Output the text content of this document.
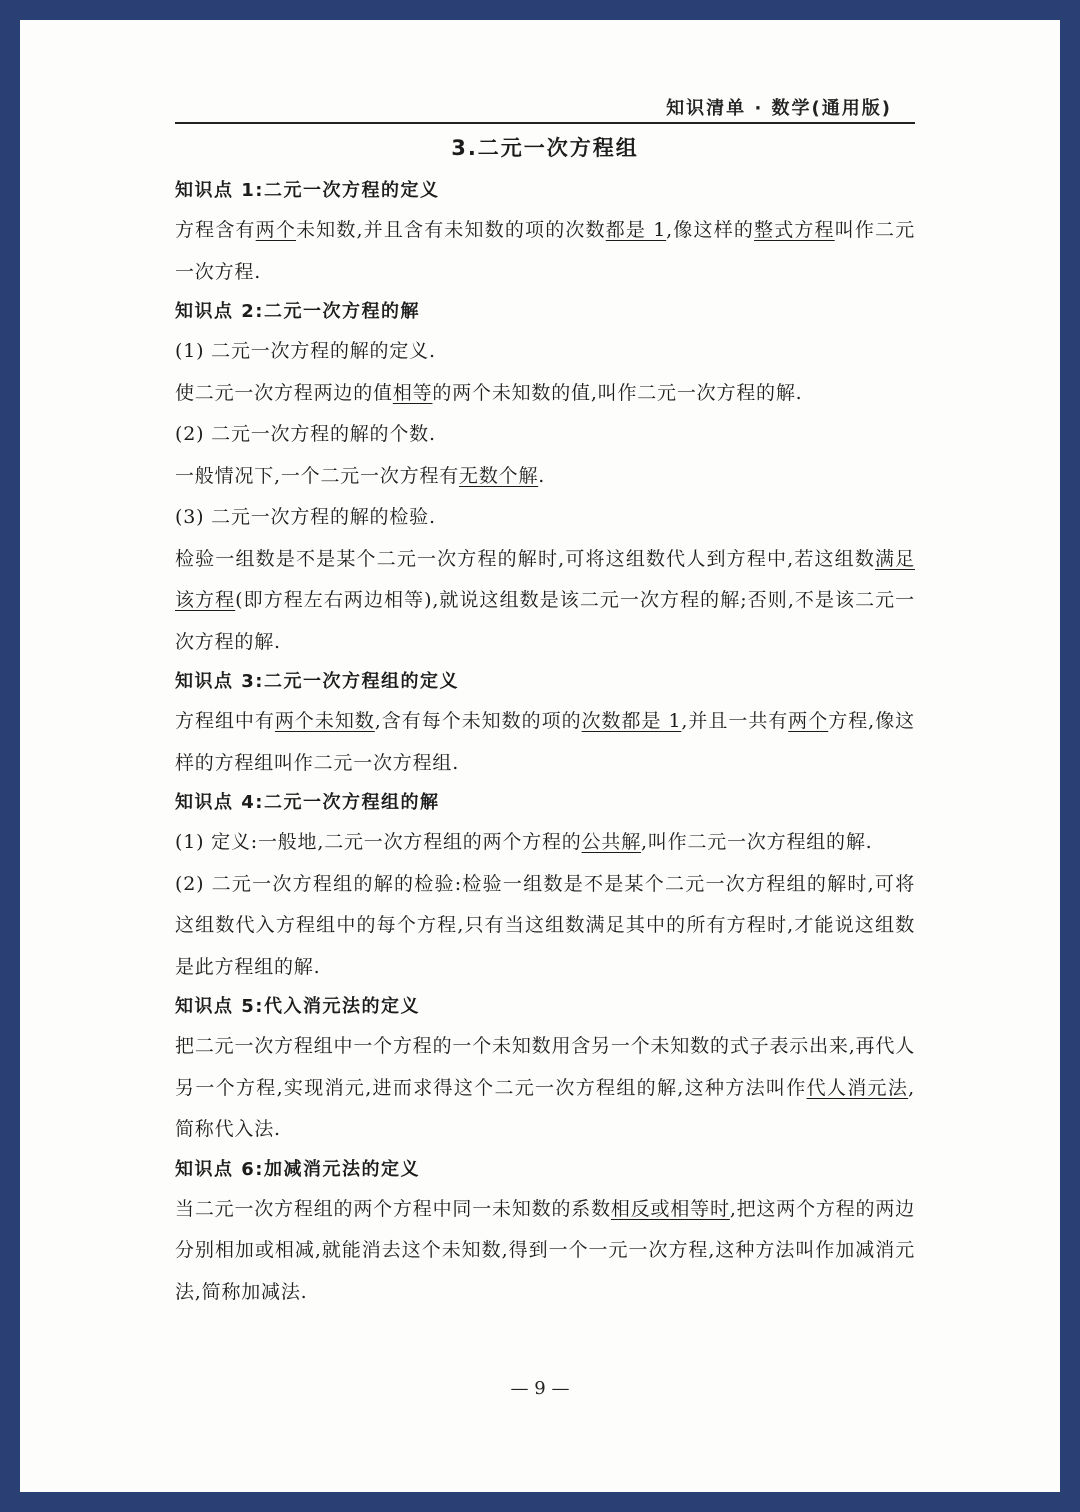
知识清单 · 数学(通用版)
3.二元一次方程组
知识点 1:二元一次方程的定义
方程含有两个未知数,并且含有未知数的项的次数都是 1,像这样的整式方程叫作二元一次方程.
知识点 2:二元一次方程的解
(1) 二元一次方程的解的定义.
使二元一次方程两边的值相等的两个未知数的值,叫作二元一次方程的解.
(2) 二元一次方程的解的个数.
一般情况下,一个二元一次方程有无数个解.
(3) 二元一次方程的解的检验.
检验一组数是不是某个二元一次方程的解时,可将这组数代人到方程中,若这组数满足该方程(即方程左右两边相等),就说这组数是该二元一次方程的解;否则,不是该二元一次方程的解.
知识点 3:二元一次方程组的定义
方程组中有两个未知数,含有每个未知数的项的次数都是 1,并且一共有两个方程,像这样的方程组叫作二元一次方程组.
知识点 4:二元一次方程组的解
(1) 定义:一般地,二元一次方程组的两个方程的公共解,叫作二元一次方程组的解.
(2) 二元一次方程组的解的检验:检验一组数是不是某个二元一次方程组的解时,可将这组数代入方程组中的每个方程,只有当这组数满足其中的所有方程时,才能说这组数是此方程组的解.
知识点 5:代入消元法的定义
把二元一次方程组中一个方程的一个未知数用含另一个未知数的式子表示出来,再代人另一个方程,实现消元,进而求得这个二元一次方程组的解,这种方法叫作代人消元法,简称代入法.
知识点 6:加减消元法的定义
当二元一次方程组的两个方程中同一未知数的系数相反或相等时,把这两个方程的两边分别相加或相减,就能消去这个未知数,得到一个一元一次方程,这种方法叫作加减消元法,简称加减法.
— 9 —
